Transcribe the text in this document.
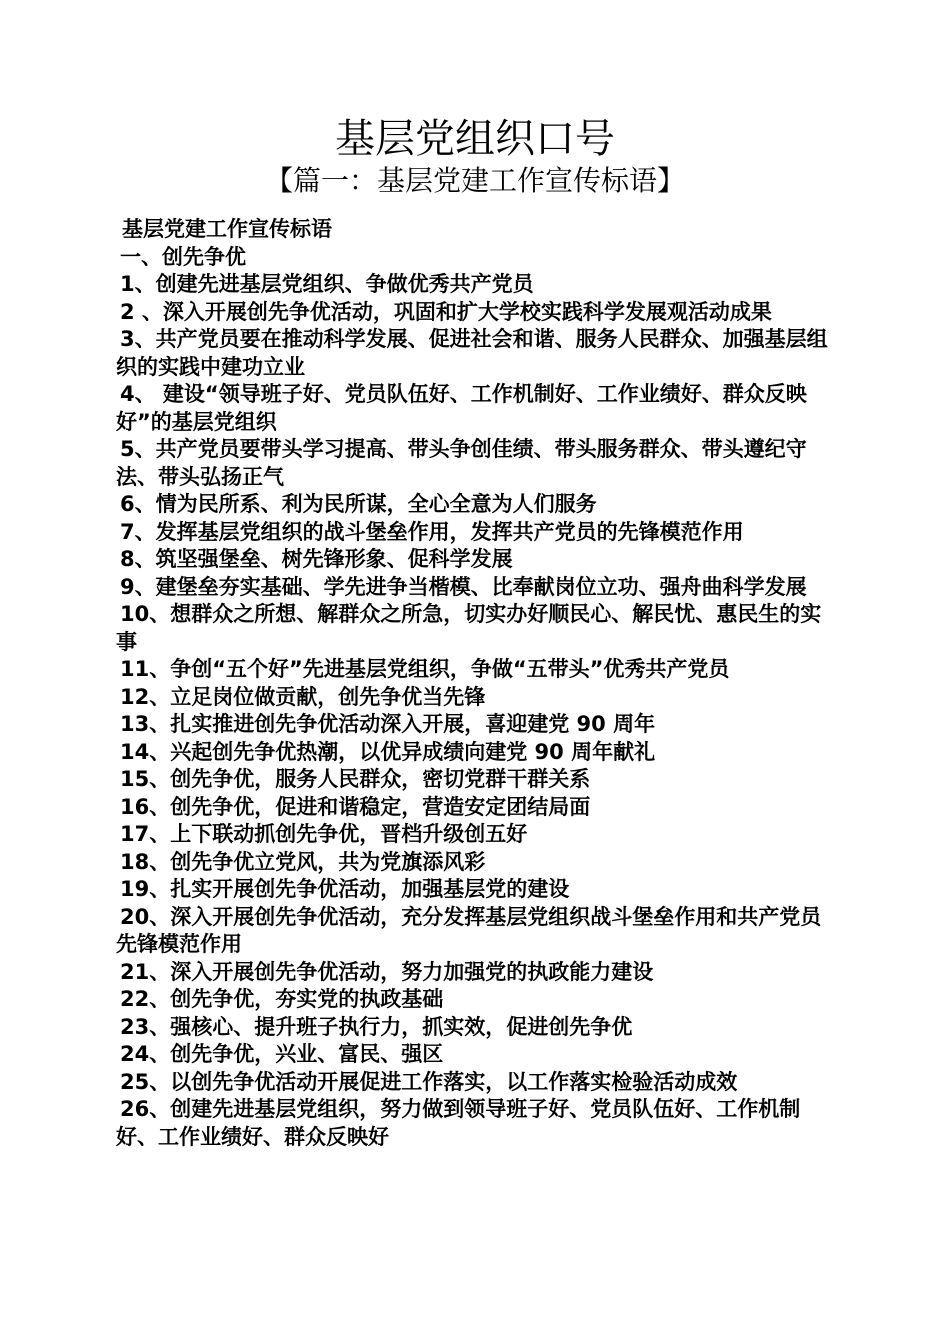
基层党组织口号
【篇一：基层党建工作宣传标语】
基层党建工作宣传标语
一、创先争优
1、创建先进基层党组织、争做优秀共产党员
2 、深入开展创先争优活动，巩固和扩大学校实践科学发展观活动成果
3、共产党员要在推动科学发展、促进社会和谐、服务人民群众、加强基层组织的实践中建功立业
4、 建设“领导班子好、党员队伍好、工作机制好、工作业绩好、群众反映好”的基层党组织
5、共产党员要带头学习提高、带头争创佳绩、带头服务群众、带头遵纪守法、带头弘扬正气
6、情为民所系、利为民所谋，全心全意为人们服务
7、发挥基层党组织的战斗堡垒作用，发挥共产党员的先锋模范作用
8、筑坚强堡垒、树先锋形象、促科学发展
9、建堡垒夯实基础、学先进争当楷模、比奉献岗位立功、强舟曲科学发展
10、想群众之所想、解群众之所急，切实办好顺民心、解民忧、惠民生的实事
11、争创“五个好”先进基层党组织，争做“五带头”优秀共产党员
12、立足岗位做贡献，创先争优当先锋
13、扎实推进创先争优活动深入开展，喜迎建党 90 周年
14、兴起创先争优热潮，以优异成绩向建党 90 周年献礼
15、创先争优，服务人民群众，密切党群干群关系
16、创先争优，促进和谐稳定，营造安定团结局面
17、上下联动抓创先争优，晋档升级创五好
18、创先争优立党风，共为党旗添风彩
19、扎实开展创先争优活动，加强基层党的建设
20、深入开展创先争优活动，充分发挥基层党组织战斗堡垒作用和共产党员先锋模范作用
21、深入开展创先争优活动，努力加强党的执政能力建设
22、创先争优，夯实党的执政基础
23、强核心、提升班子执行力，抓实效，促进创先争优
24、创先争优，兴业、富民、强区
25、以创先争优活动开展促进工作落实，以工作落实检验活动成效
26、创建先进基层党组织，努力做到领导班子好、党员队伍好、工作机制好、工作业绩好、群众反映好
